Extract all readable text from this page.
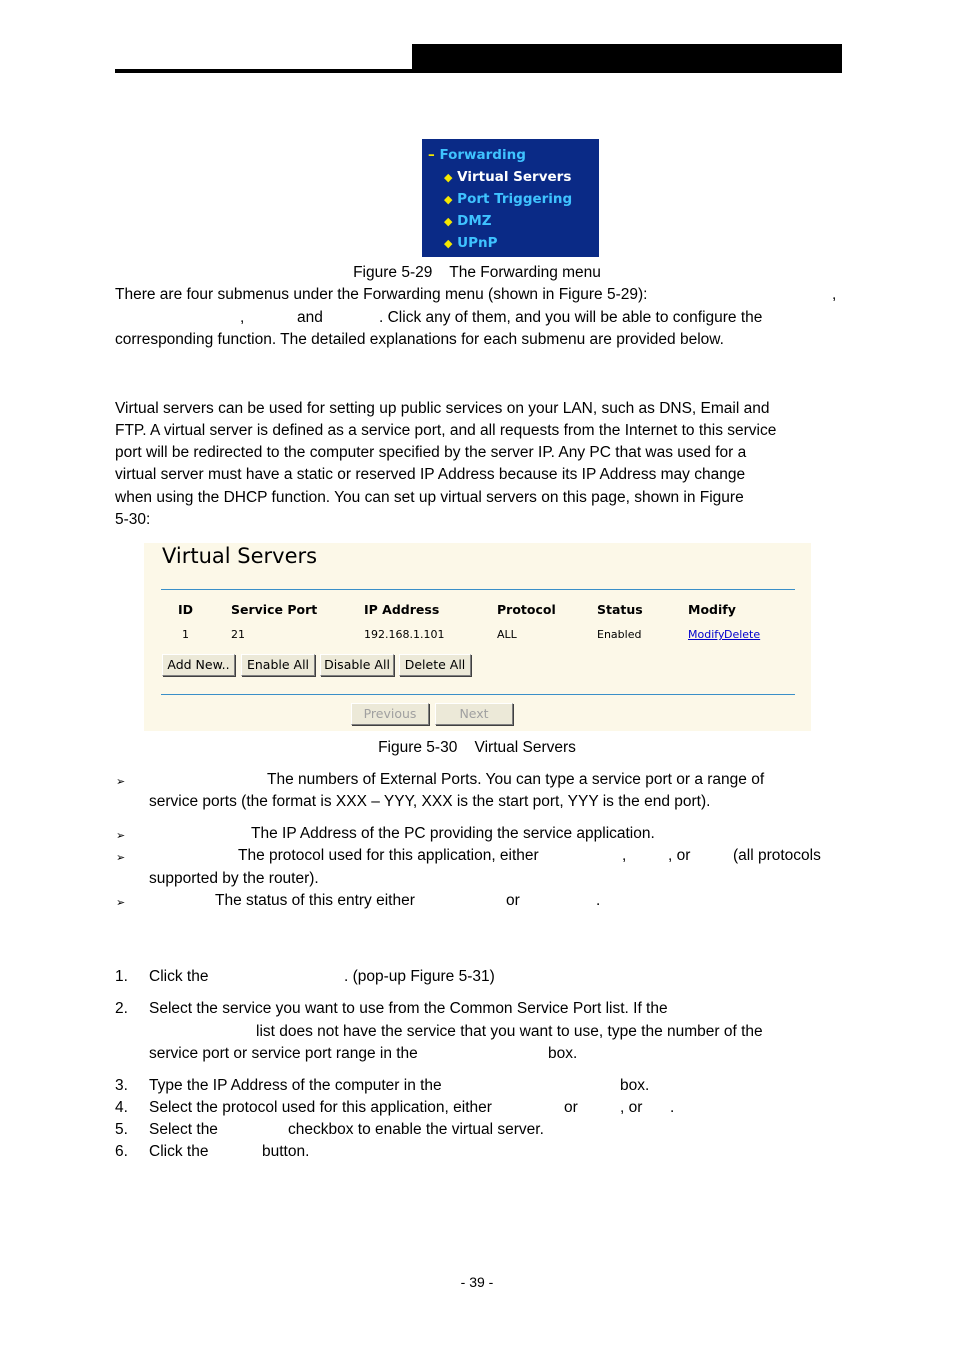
– Forwarding
◆ Virtual Servers
◆ Port Triggering
◆ DMZ
◆ UPnP
Figure 5-29    The Forwarding menu
There are four submenus under the Forwarding menu (shown in Figure 5-29):	,
,	and	. Click any of them, and you will be able to configure the
corresponding function. The detailed explanations for each submenu are provided below.
Virtual servers can be used for setting up public services on your LAN, such as DNS, Email and
FTP. A virtual server is defined as a service port, and all requests from the Internet to this service
port will be redirected to the computer specified by the server IP. Any PC that was used for a
virtual server must have a static or reserved IP Address because its IP Address may change
when using the DHCP function. You can set up virtual servers on this page, shown in Figure
5-30:
Virtual Servers
ID	Service Port	IP Address	Protocol	Status	Modify
1	21	192.168.1.101	ALL	Enabled	Modify Delete
Add New..	Enable All	Disable All	Delete All
Previous	Next
Figure 5-30    Virtual Servers
➢	The numbers of External Ports. You can type a service port or a range of
service ports (the format is XXX – YYY, XXX is the start port, YYY is the end port).
➢	The IP Address of the PC providing the service application.
➢	The protocol used for this application, either	,	, or	(all protocols
supported by the router).
➢	The status of this entry either	or	.
1. Click the	. (pop-up Figure 5-31)
2. Select the service you want to use from the Common Service Port list. If the
list does not have the service that you want to use, type the number of the
service port or service port range in the	box.
3. Type the IP Address of the computer in the	box.
4. Select the protocol used for this application, either	or	, or .
5. Select the	checkbox to enable the virtual server.
6. Click the	button.
- 39 -
